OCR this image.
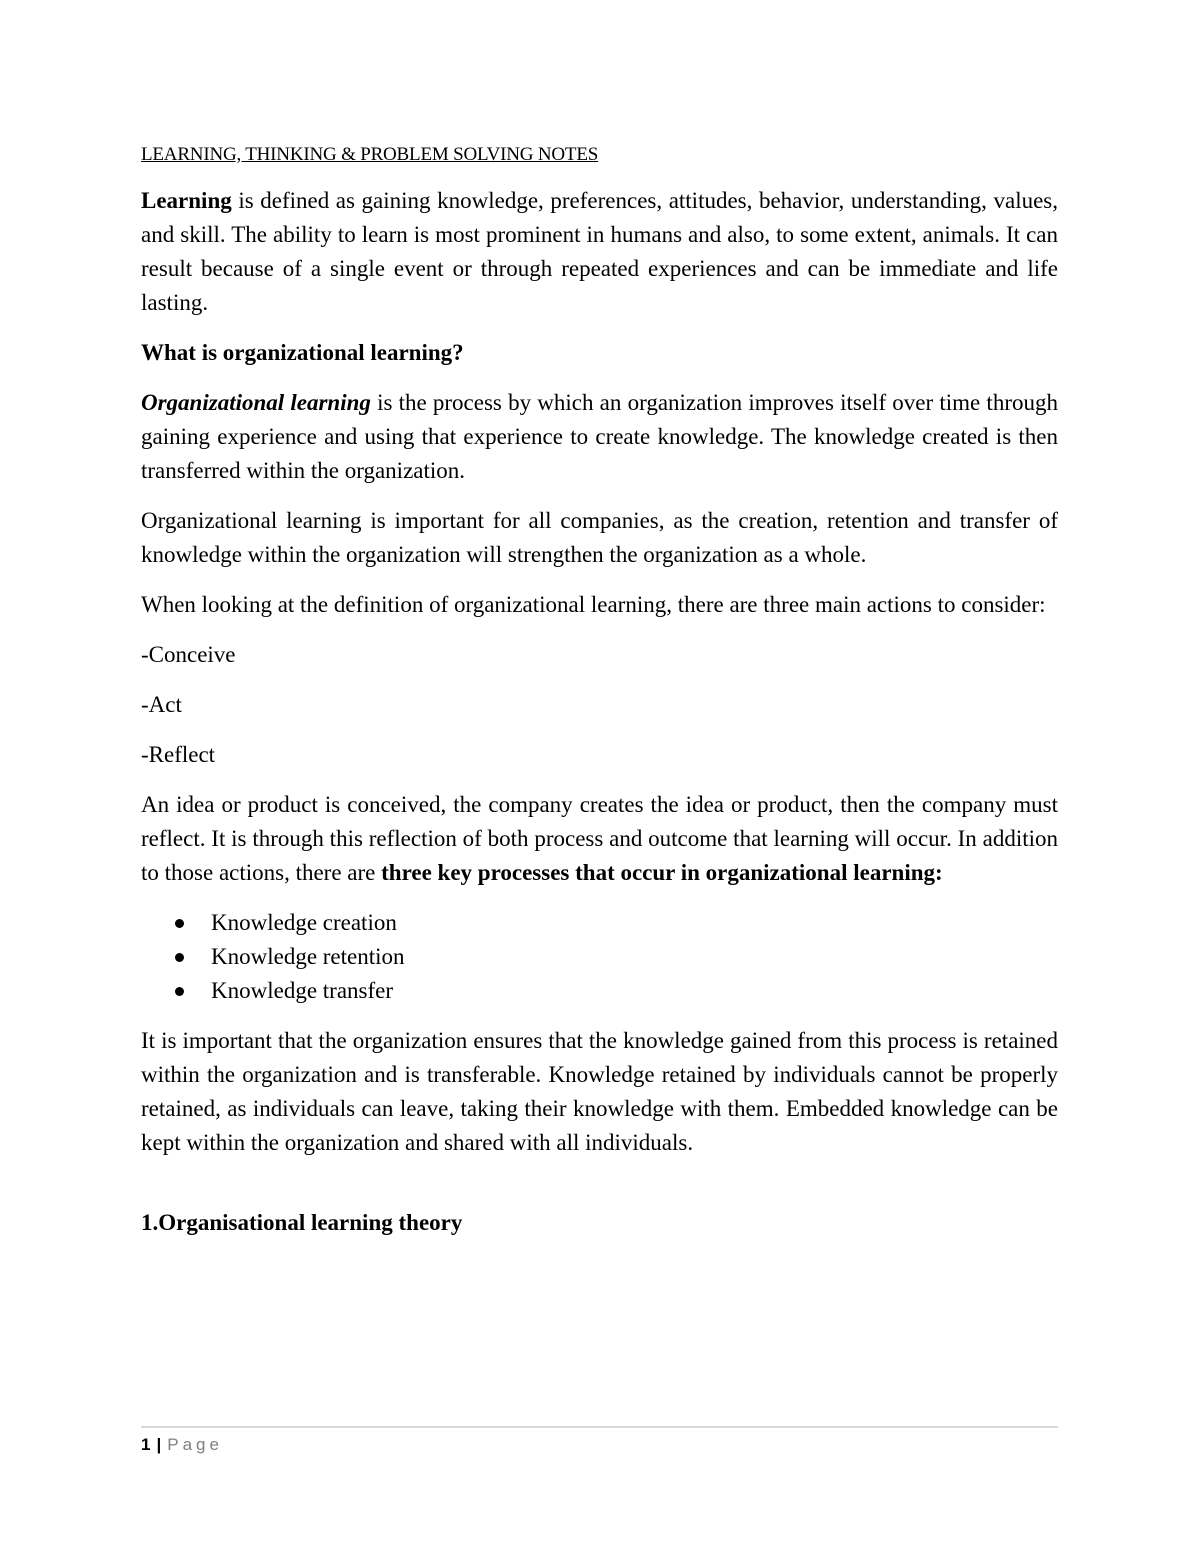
LEARNING, THINKING & PROBLEM SOLVING NOTES

Learning is defined as gaining knowledge, preferences, attitudes, behavior, understanding, values, and skill. The ability to learn is most prominent in humans and also, to some extent, animals. It can result because of a single event or through repeated experiences and can be immediate and life lasting.

What is organizational learning?

Organizational learning is the process by which an organization improves itself over time through gaining experience and using that experience to create knowledge. The knowledge created is then transferred within the organization.

Organizational learning is important for all companies, as the creation, retention and transfer of knowledge within the organization will strengthen the organization as a whole.

When looking at the definition of organizational learning, there are three main actions to consider:

-Conceive

-Act

-Reflect

An idea or product is conceived, the company creates the idea or product, then the company must reflect. It is through this reflection of both process and outcome that learning will occur. In addition to those actions, there are three key processes that occur in organizational learning:

Knowledge creation
Knowledge retention
Knowledge transfer

It is important that the organization ensures that the knowledge gained from this process is retained within the organization and is transferable. Knowledge retained by individuals cannot be properly retained, as individuals can leave, taking their knowledge with them. Embedded knowledge can be kept within the organization and shared with all individuals.

1.Organisational learning theory

1 | Page
